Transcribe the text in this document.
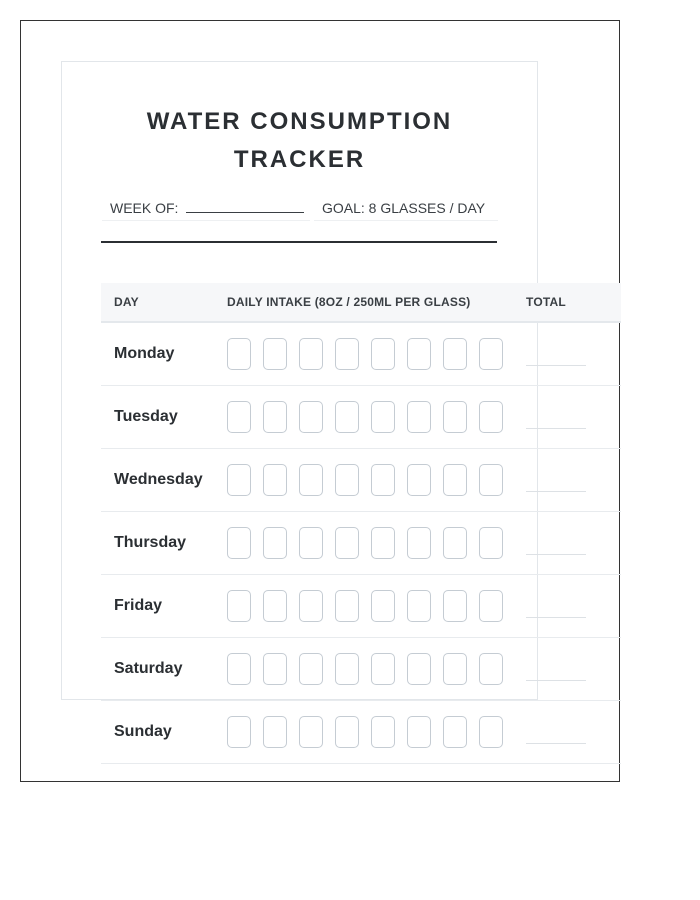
WATER CONSUMPTION
TRACKER
WEEK OF:	GOAL: 8 GLASSES / DAY
DAY	DAILY INTAKE (8OZ / 250ML PER GLASS)	TOTAL
Monday
Tuesday
Wednesday
Thursday
Friday
Saturday
Sunday
